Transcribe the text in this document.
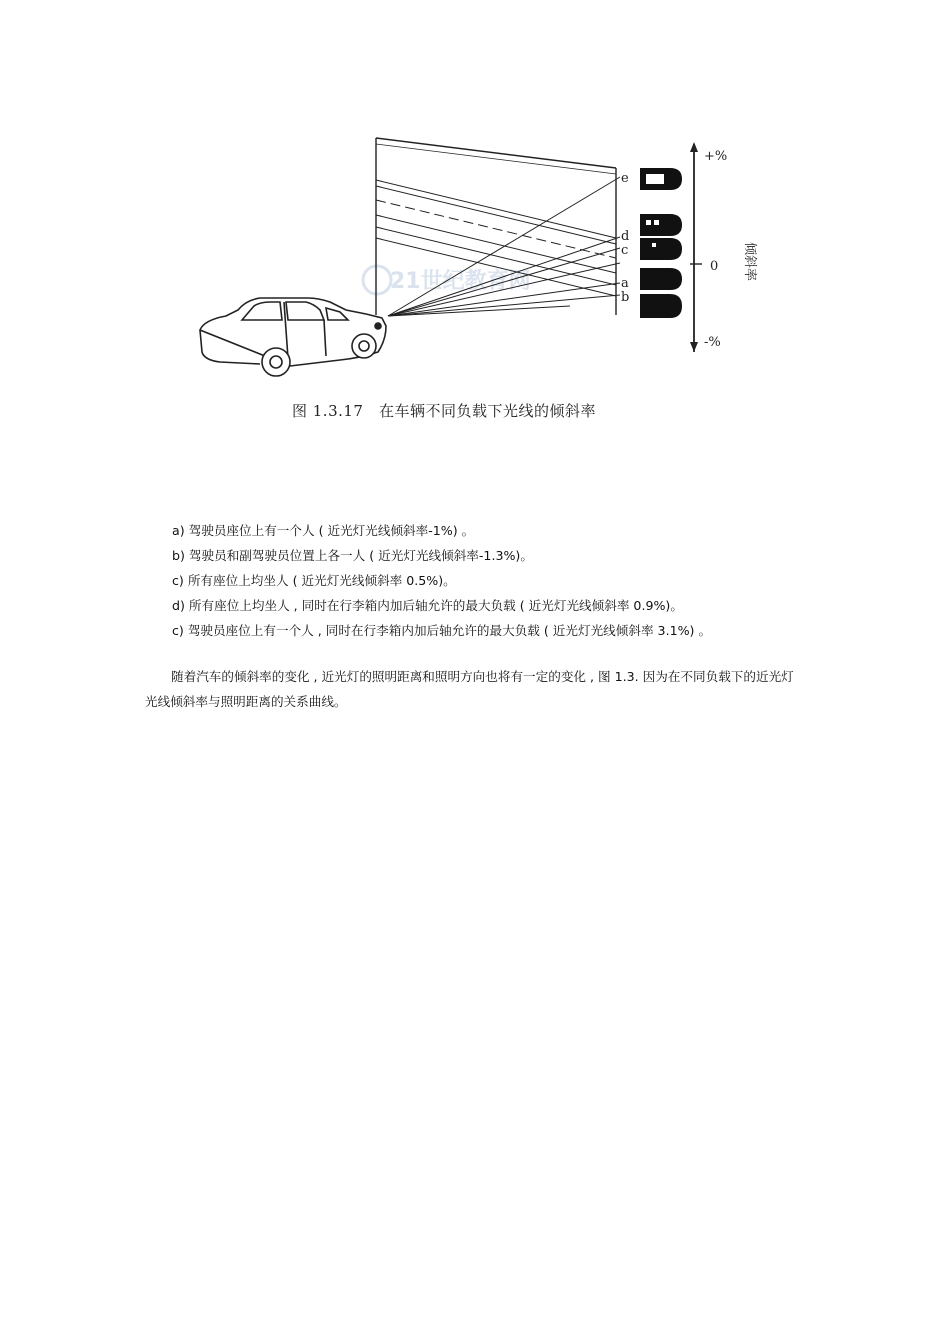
21世纪教育网
e
d
c
a
b
+%
0
-%
倾斜率
图 1.3.17　在车辆不同负载下光线的倾斜率
a) 驾驶员座位上有一个人 ( 近光灯光线倾斜率-1%) 。
b) 驾驶员和副驾驶员位置上各一人 ( 近光灯光线倾斜率-1.3%)。
c) 所有座位上均坐人 ( 近光灯光线倾斜率 0.5%)。
d) 所有座位上均坐人 , 同时在行李箱内加后轴允许的最大负载 ( 近光灯光线倾斜率 0.9%)。
c) 驾驶员座位上有一个人 , 同时在行李箱内加后轴允许的最大负载 ( 近光灯光线倾斜率 3.1%) 。
随着汽车的倾斜率的变化 , 近光灯的照明距离和照明方向也将有一定的变化 , 图 1.3. 因为在不同负载下的近光灯光线倾斜率与照明距离的关系曲线。
